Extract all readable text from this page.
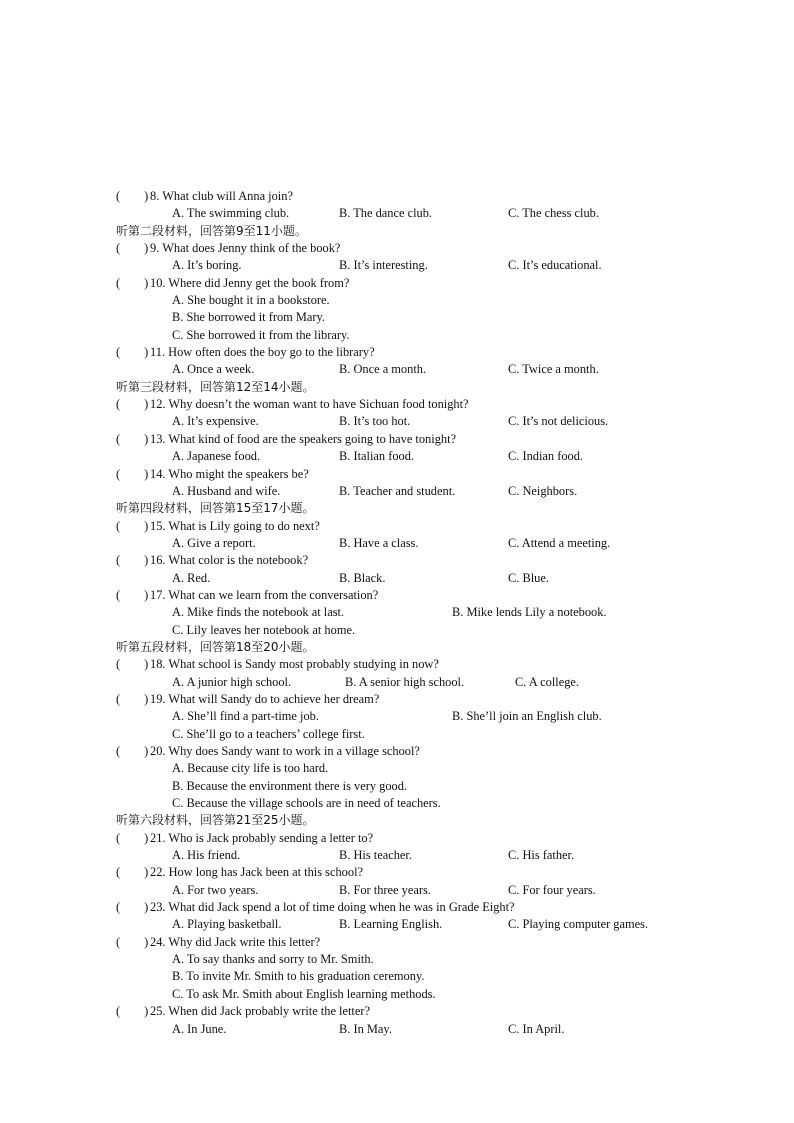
( ) 8. What club will Anna join?
A. The swimming club.	B. The dance club.	C. The chess club.
听第二段材料，回答第9至11小题。
( ) 9. What does Jenny think of the book?
A. It’s boring.	B. It’s interesting.	C. It’s educational.
( ) 10. Where did Jenny get the book from?
A. She bought it in a bookstore.
B. She borrowed it from Mary.
C. She borrowed it from the library.
( ) 11. How often does the boy go to the library?
A. Once a week.	B. Once a month.	C. Twice a month.
听第三段材料，回答第12至14小题。
( ) 12. Why doesn’t the woman want to have Sichuan food tonight?
A. It’s expensive.	B. It’s too hot.	C. It’s not delicious.
( ) 13. What kind of food are the speakers going to have tonight?
A. Japanese food.	B. Italian food.	C. Indian food.
( ) 14. Who might the speakers be?
A. Husband and wife.	B. Teacher and student.	C. Neighbors.
听第四段材料，回答第15至17小题。
( ) 15. What is Lily going to do next?
A. Give a report.	B. Have a class.	C. Attend a meeting.
( ) 16. What color is the notebook?
A. Red.	B. Black.	C. Blue.
( ) 17. What can we learn from the conversation?
A. Mike finds the notebook at last.	B. Mike lends Lily a notebook.
C. Lily leaves her notebook at home.
听第五段材料，回答第18至20小题。
( ) 18. What school is Sandy most probably studying in now?
A. A junior high school.	B. A senior high school.	C. A college.
( ) 19. What will Sandy do to achieve her dream?
A. She’ll find a part-time job.	B. She’ll join an English club.
C. She’ll go to a teachers’ college first.
( ) 20. Why does Sandy want to work in a village school?
A. Because city life is too hard.
B. Because the environment there is very good.
C. Because the village schools are in need of teachers.
听第六段材料，回答第21至25小题。
( ) 21. Who is Jack probably sending a letter to?
A. His friend.	B. His teacher.	C. His father.
( ) 22. How long has Jack been at this school?
A. For two years.	B. For three years.	C. For four years.
( ) 23. What did Jack spend a lot of time doing when he was in Grade Eight?
A. Playing basketball.	B. Learning English.	C. Playing computer games.
( ) 24. Why did Jack write this letter?
A. To say thanks and sorry to Mr. Smith.
B. To invite Mr. Smith to his graduation ceremony.
C. To ask Mr. Smith about English learning methods.
( ) 25. When did Jack probably write the letter?
A. In June.	B. In May.	C. In April.
